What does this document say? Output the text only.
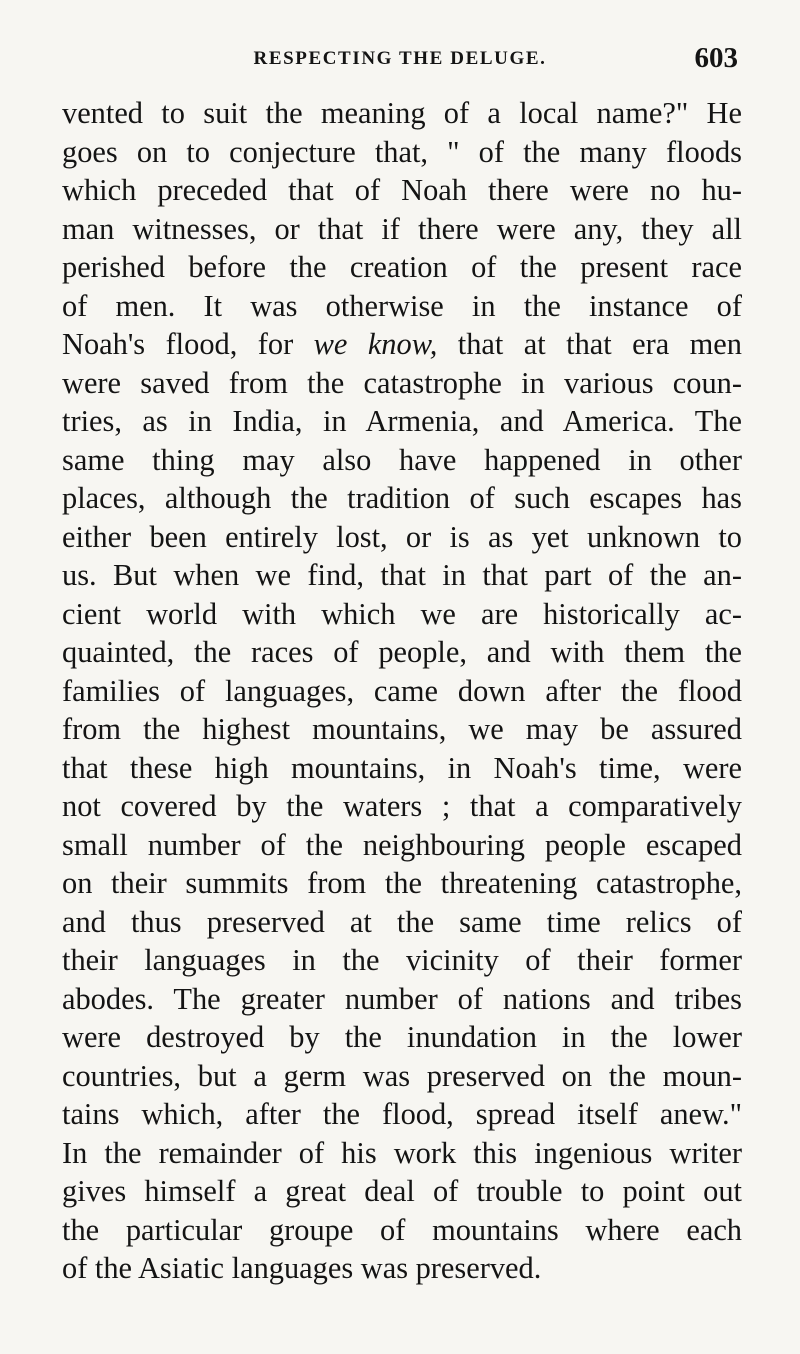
RESPECTING THE DELUGE.	603
vented to suit the meaning of a local name?" He
goes on to conjecture that, " of the many floods
which preceded that of Noah there were no hu-
man witnesses, or that if there were any, they all
perished before the creation of the present race
of men. It was otherwise in the instance of
Noah's flood, for we know, that at that era men
were saved from the catastrophe in various coun-
tries, as in India, in Armenia, and America. The
same thing may also have happened in other
places, although the tradition of such escapes has
either been entirely lost, or is as yet unknown to
us. But when we find, that in that part of the an-
cient world with which we are historically ac-
quainted, the races of people, and with them the
families of languages, came down after the flood
from the highest mountains, we may be assured
that these high mountains, in Noah's time, were
not covered by the waters ; that a comparatively
small number of the neighbouring people escaped
on their summits from the threatening catastrophe,
and thus preserved at the same time relics of
their languages in the vicinity of their former
abodes. The greater number of nations and tribes
were destroyed by the inundation in the lower
countries, but a germ was preserved on the moun-
tains which, after the flood, spread itself anew."
In the remainder of his work this ingenious writer
gives himself a great deal of trouble to point out
the particular groupe of mountains where each
of the Asiatic languages was preserved.
